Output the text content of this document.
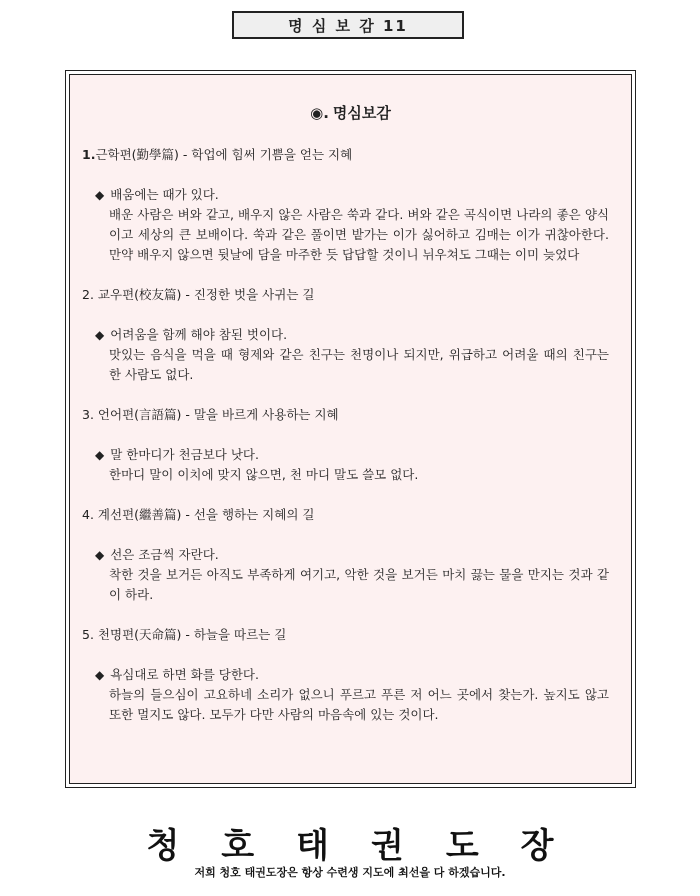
명 심 보 감 11
◉. 명심보감
1.근학편(勤學篇) - 학업에 힘써 기쁨을 얻는 지혜
◆ 배움에는 때가 있다.
배운 사람은 벼와 같고, 배우지 않은 사람은 쑥과 같다. 벼와 같은 곡식이면 나라의 좋은 양식이고 세상의 큰 보배이다. 쑥과 같은 풀이면 밭가는 이가 싫어하고 김매는 이가 귀찮아한다. 만약 배우지 않으면 뒷날에 담을 마주한 듯 답답할 것이니 뉘우쳐도 그때는 이미 늦었다
2. 교우편(校友篇) - 진정한 벗을 사귀는 길
◆ 어려움을 함께 해야 참된 벗이다.
맛있는 음식을 먹을 때 형제와 같은 친구는 천명이나 되지만, 위급하고 어려울 때의 친구는 한 사람도 없다.
3. 언어편(言語篇) - 말을 바르게 사용하는 지혜
◆ 말 한마디가 천금보다 낫다.
한마디 말이 이치에 맞지 않으면, 천 마디 말도 쓸모 없다.
4. 계선편(繼善篇) - 선을 행하는 지혜의 길
◆ 선은 조금씩 자란다.
착한 것을 보거든 아직도 부족하게 여기고, 악한 것을 보거든 마치 끓는 물을 만지는 것과 같이 하라.
5. 천명편(天命篇) - 하늘을 따르는 길
◆ 욕심대로 하면 화를 당한다.
하늘의 들으심이 고요하네 소리가 없으니 푸르고 푸른 저 어느 곳에서 찾는가. 높지도 않고 또한 멀지도 않다. 모두가 다만 사람의 마음속에 있는 것이다.
청호태권도장
저희 청호 태권도장은 항상 수련생 지도에 최선을 다 하겠습니다.
